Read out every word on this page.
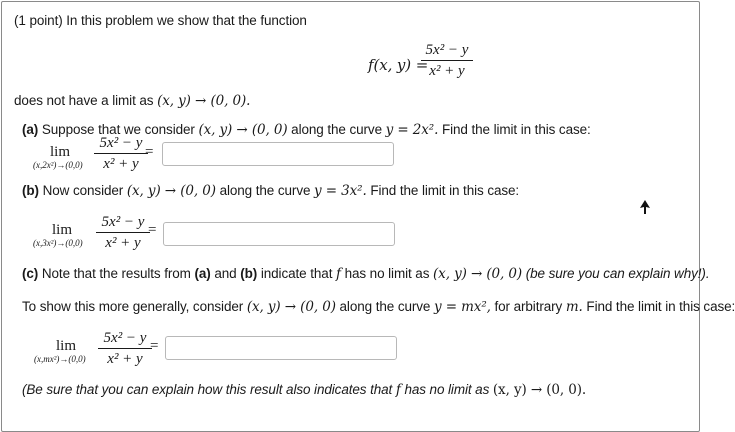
(1 point) In this problem we show that the function
f(x, y) =
5x² − y
x² + y
does not have a limit as (x, y) → (0, 0).
(a) Suppose that we consider (x, y) → (0, 0) along the curve y = 2x². Find the limit in this case:
lim
(x,2x²)→(0,0)
5x² − y
x² + y
=
(b) Now consider (x, y) → (0, 0) along the curve y = 3x². Find the limit in this case:
lim
(x,3x²)→(0,0)
5x² − y
x² + y
=
(c) Note that the results from (a) and (b) indicate that f has no limit as (x, y) → (0, 0) (be sure you can explain why!).
To show this more generally, consider (x, y) → (0, 0) along the curve y = mx², for arbitrary m. Find the limit in this case:
lim
(x,mx²)→(0,0)
5x² − y
x² + y
=
(Be sure that you can explain how this result also indicates that f has no limit as (x, y) → (0, 0).
